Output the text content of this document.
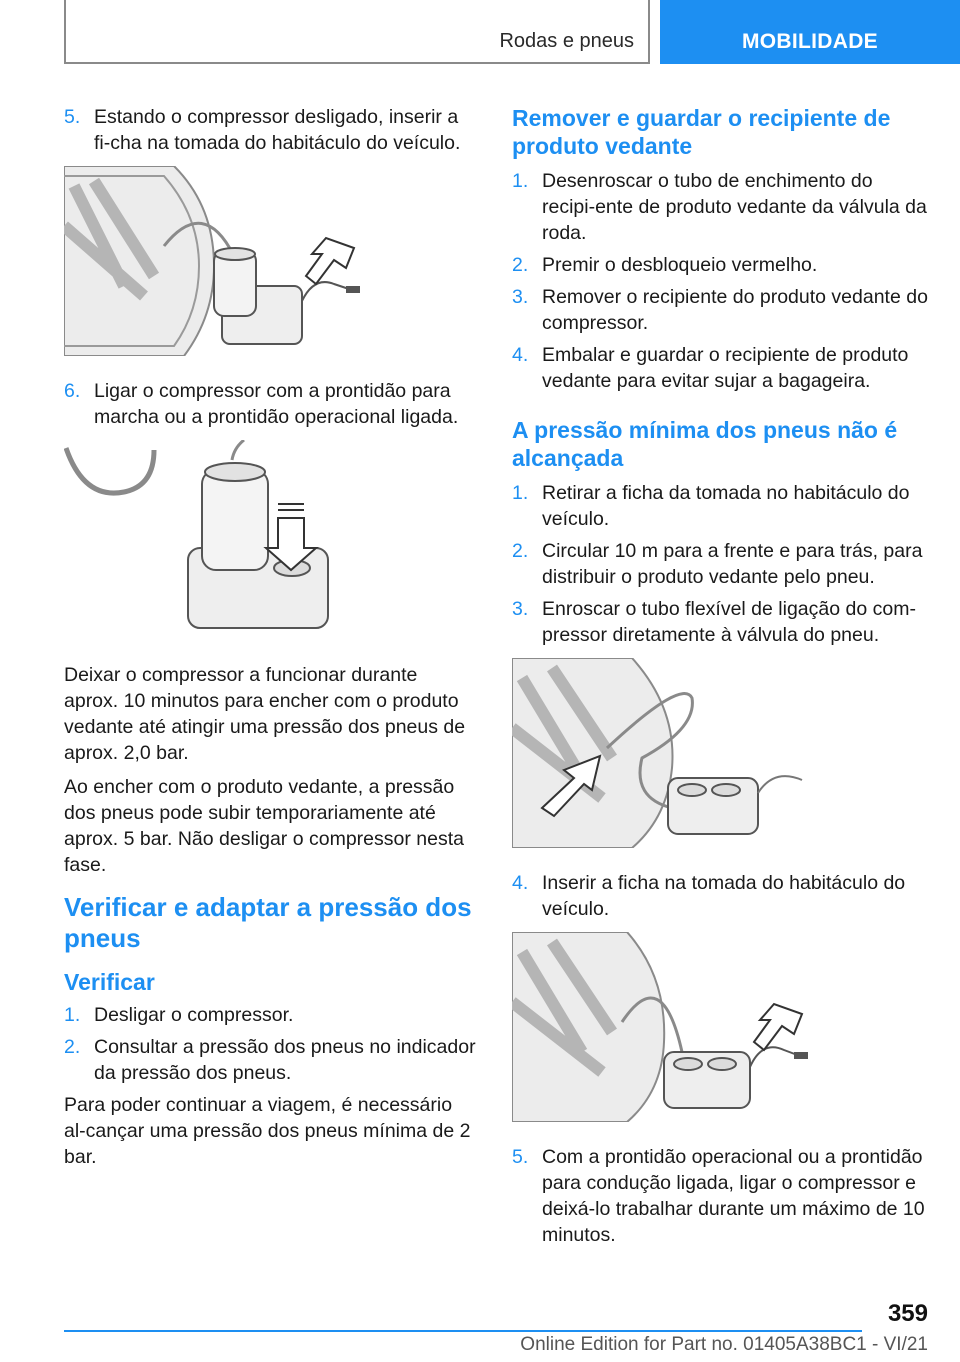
Rodas e pneus	MOBILIDADE
5. Estando o compressor desligado, inserir a fi-cha na tomada do habitáculo do veículo.
6. Ligar o compressor com a prontidão para marcha ou a prontidão operacional ligada.

Deixar o compressor a funcionar durante aprox. 10 minutos para encher com o produto vedante até atingir uma pressão dos pneus de aprox. 2,0 bar.

Ao encher com o produto vedante, a pressão dos pneus pode subir temporariamente até aprox. 5 bar. Não desligar o compressor nesta fase.

Verificar e adaptar a pressão dos pneus
Verificar
1. Desligar o compressor.
2. Consultar a pressão dos pneus no indicador da pressão dos pneus.

Para poder continuar a viagem, é necessário al-cançar uma pressão dos pneus mínima de 2 bar.

Remover e guardar o recipiente de produto vedante
1. Desenroscar o tubo de enchimento do recipi-ente de produto vedante da válvula da roda.
2. Premir o desbloqueio vermelho.
3. Remover o recipiente do produto vedante do compressor.
4. Embalar e guardar o recipiente de produto vedante para evitar sujar a bagageira.
A pressão mínima dos pneus não é alcançada
1. Retirar a ficha da tomada no habitáculo do veículo.
2. Circular 10 m para a frente e para trás, para distribuir o produto vedante pelo pneu.
3. Enroscar o tubo flexível de ligação do com-pressor diretamente à válvula do pneu.
4. Inserir a ficha na tomada do habitáculo do veículo.
5. Com a prontidão operacional ou a prontidão para condução ligada, ligar o compressor e deixá-lo trabalhar durante um máximo de 10 minutos.
359
Online Edition for Part no. 01405A38BC1 - VI/21
